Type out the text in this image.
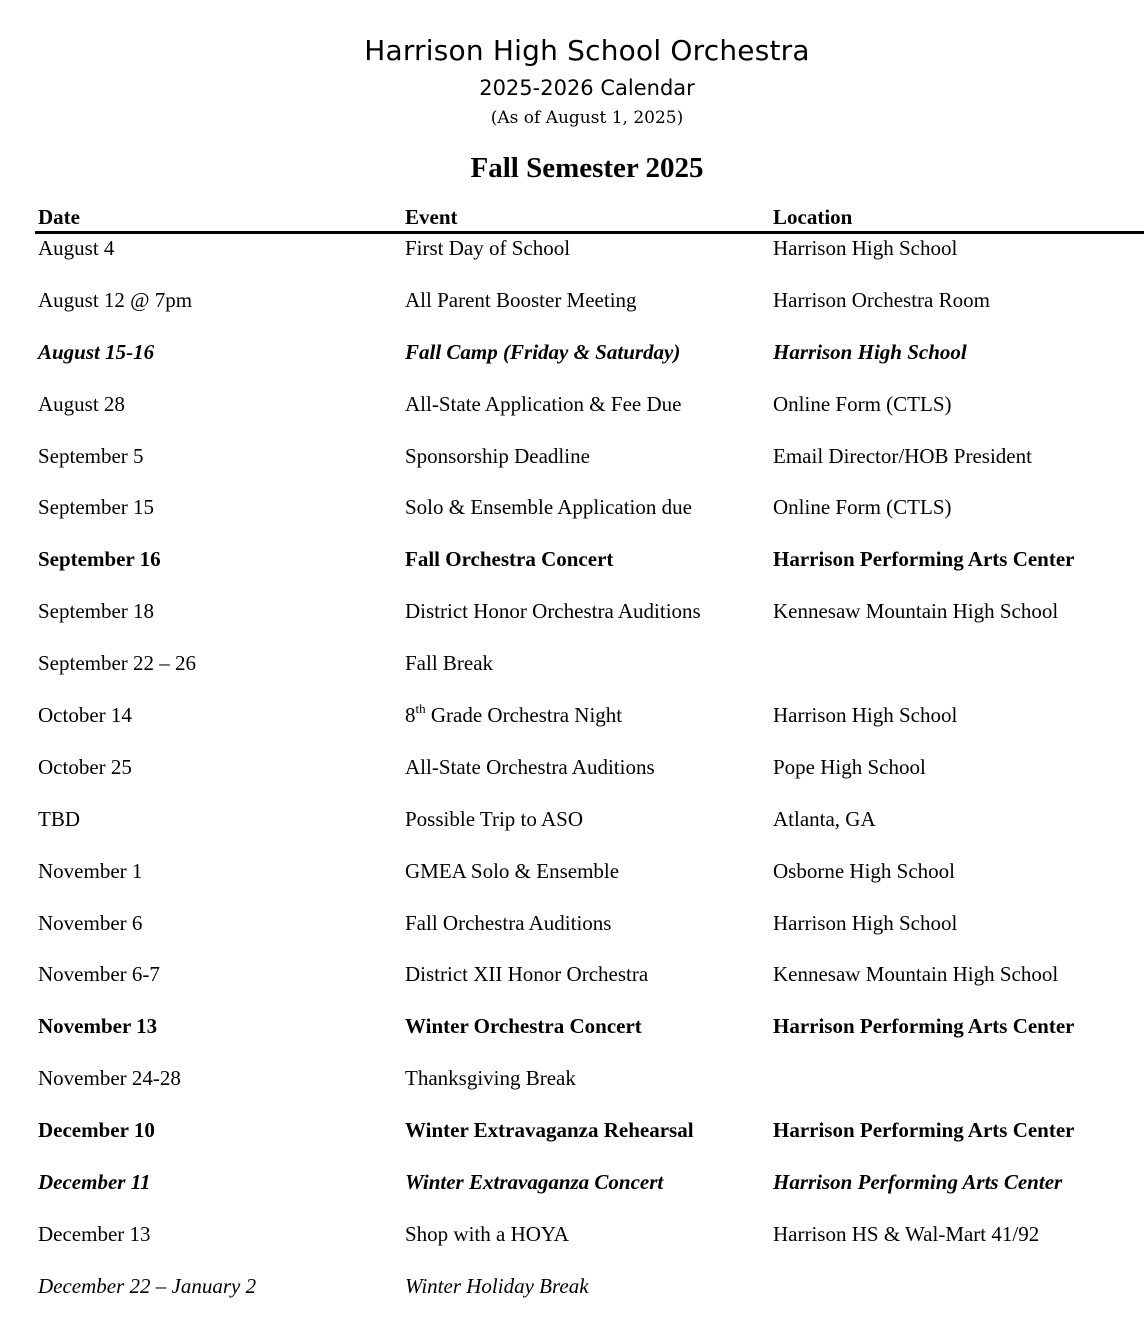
Harrison High School Orchestra
2025-2026 Calendar
(As of August 1, 2025)
Fall Semester 2025
Date	Event	Location
August 4	First Day of School	Harrison High School
August 12 @ 7pm	All Parent Booster Meeting	Harrison Orchestra Room
August 15-16	Fall Camp (Friday & Saturday)	Harrison High School
August 28	All-State Application & Fee Due	Online Form (CTLS)
September 5	Sponsorship Deadline	Email Director/HOB President
September 15	Solo & Ensemble Application due	Online Form (CTLS)
September 16	Fall Orchestra Concert	Harrison Performing Arts Center
September 18	District Honor Orchestra Auditions	Kennesaw Mountain High School
September 22 – 26	Fall Break
October 14	8th Grade Orchestra Night	Harrison High School
October 25	All-State Orchestra Auditions	Pope High School
TBD	Possible Trip to ASO	Atlanta, GA
November 1	GMEA Solo & Ensemble	Osborne High School
November 6	Fall Orchestra Auditions	Harrison High School
November 6-7	District XII Honor Orchestra	Kennesaw Mountain High School
November 13	Winter Orchestra Concert	Harrison Performing Arts Center
November 24-28	Thanksgiving Break
December 10	Winter Extravaganza Rehearsal	Harrison Performing Arts Center
December 11	Winter Extravaganza Concert	Harrison Performing Arts Center
December 13	Shop with a HOYA	Harrison HS & Wal-Mart 41/92
December 22 – January 2	Winter Holiday Break
